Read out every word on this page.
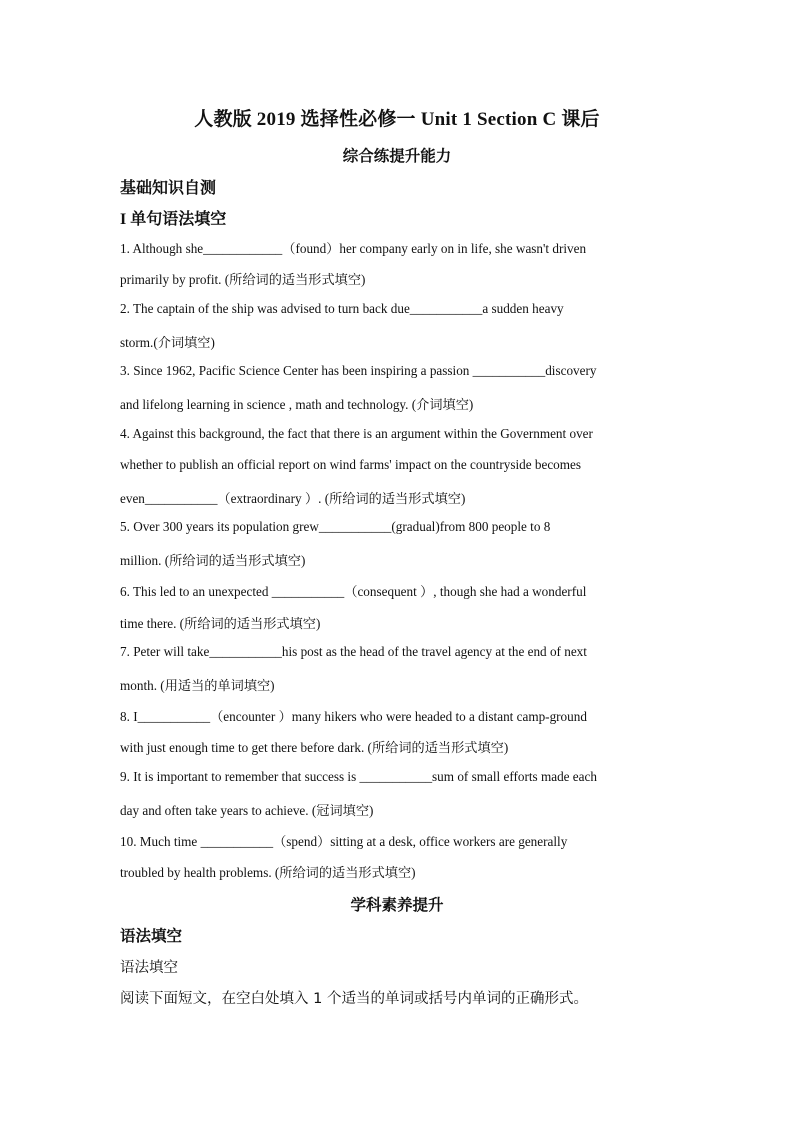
人教版 2019 选择性必修一 Unit 1 Section C 课后
综合练提升能力
基础知识自测
I 单句语法填空
1. Although she____________（found）her company early on in life, she wasn't driven
primarily by profit. (所给词的适当形式填空)
2. The captain of the ship was advised to turn back due___________a sudden heavy
storm.(介词填空)
3. Since 1962, Pacific Science Center has been inspiring a passion ___________discovery
and lifelong learning in science , math and technology. (介词填空)
4. Against this background, the fact that there is an argument within the Government over
whether to publish an official report on wind farms' impact on the countryside becomes
even___________（extraordinary ）. (所给词的适当形式填空)
5. Over 300 years its population grew___________(gradual)from 800 people to 8
million. (所给词的适当形式填空)
6. This led to an unexpected ___________（consequent ）, though she had a wonderful
time there. (所给词的适当形式填空)
7. Peter will take___________his post as the head of the travel agency at the end of next
month. (用适当的单词填空)
8. I___________（encounter ）many hikers who were headed to a distant camp-ground
with just enough time to get there before dark. (所给词的适当形式填空)
9. It is important to remember that success is ___________sum of small efforts made each
day and often take years to achieve. (冠词填空)
10. Much time ___________（spend）sitting at a desk, office workers are generally
troubled by health problems. (所给词的适当形式填空)
学科素养提升
语法填空
语法填空
阅读下面短文，在空白处填入 1 个适当的单词或括号内单词的正确形式。
